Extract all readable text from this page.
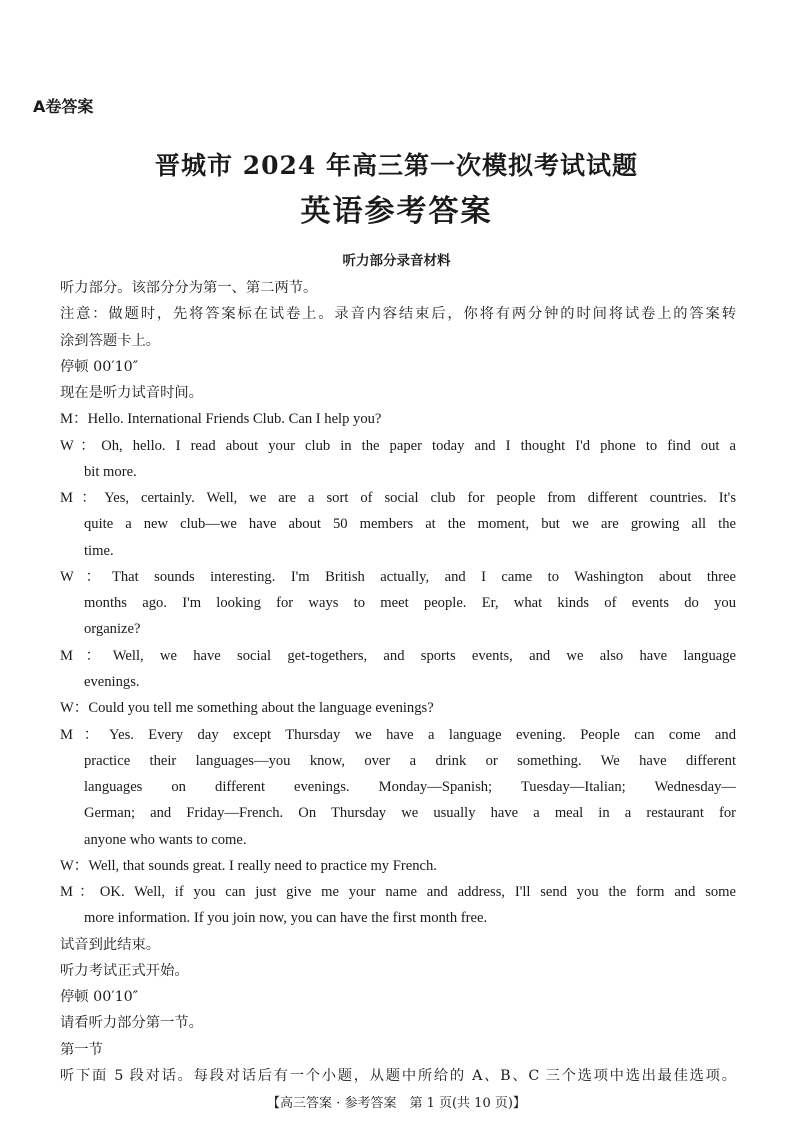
A卷答案
晋城市 2024 年高三第一次模拟考试试题
英语参考答案
听力部分录音材料
听力部分。该部分分为第一、第二两节。
注意：做题时，先将答案标在试卷上。录音内容结束后，你将有两分钟的时间将试卷上的答案转
涂到答题卡上。
停顿 00′10″
现在是听力试音时间。
M：Hello. International Friends Club. Can I help you?
W：Oh, hello. I read about your club in the paper today and I thought I'd phone to find out a
bit more.
M：Yes, certainly. Well, we are a sort of social club for people from different countries. It's
quite a new club—we have about 50 members at the moment, but we are growing all the
time.
W：That sounds interesting. I'm British actually, and I came to Washington about three
months ago. I'm looking for ways to meet people. Er, what kinds of events do you
organize?
M：Well, we have social get-togethers, and sports events, and we also have language
evenings.
W：Could you tell me something about the language evenings?
M：Yes. Every day except Thursday we have a language evening. People can come and
practice their languages—you know, over a drink or something. We have different
languages on different evenings. Monday—Spanish; Tuesday—Italian; Wednesday—
German; and Friday—French. On Thursday we usually have a meal in a restaurant for
anyone who wants to come.
W：Well, that sounds great. I really need to practice my French.
M：OK. Well, if you can just give me your name and address, I'll send you the form and some
more information. If you join now, you can have the first month free.
试音到此结束。
听力考试正式开始。
停顿 00′10″
请看听力部分第一节。
第一节
听下面 5 段对话。每段对话后有一个小题，从题中所给的 A、B、C 三个选项中选出最佳选项。
【高三答案 · 参考答案　第 1 页(共 10 页)】
